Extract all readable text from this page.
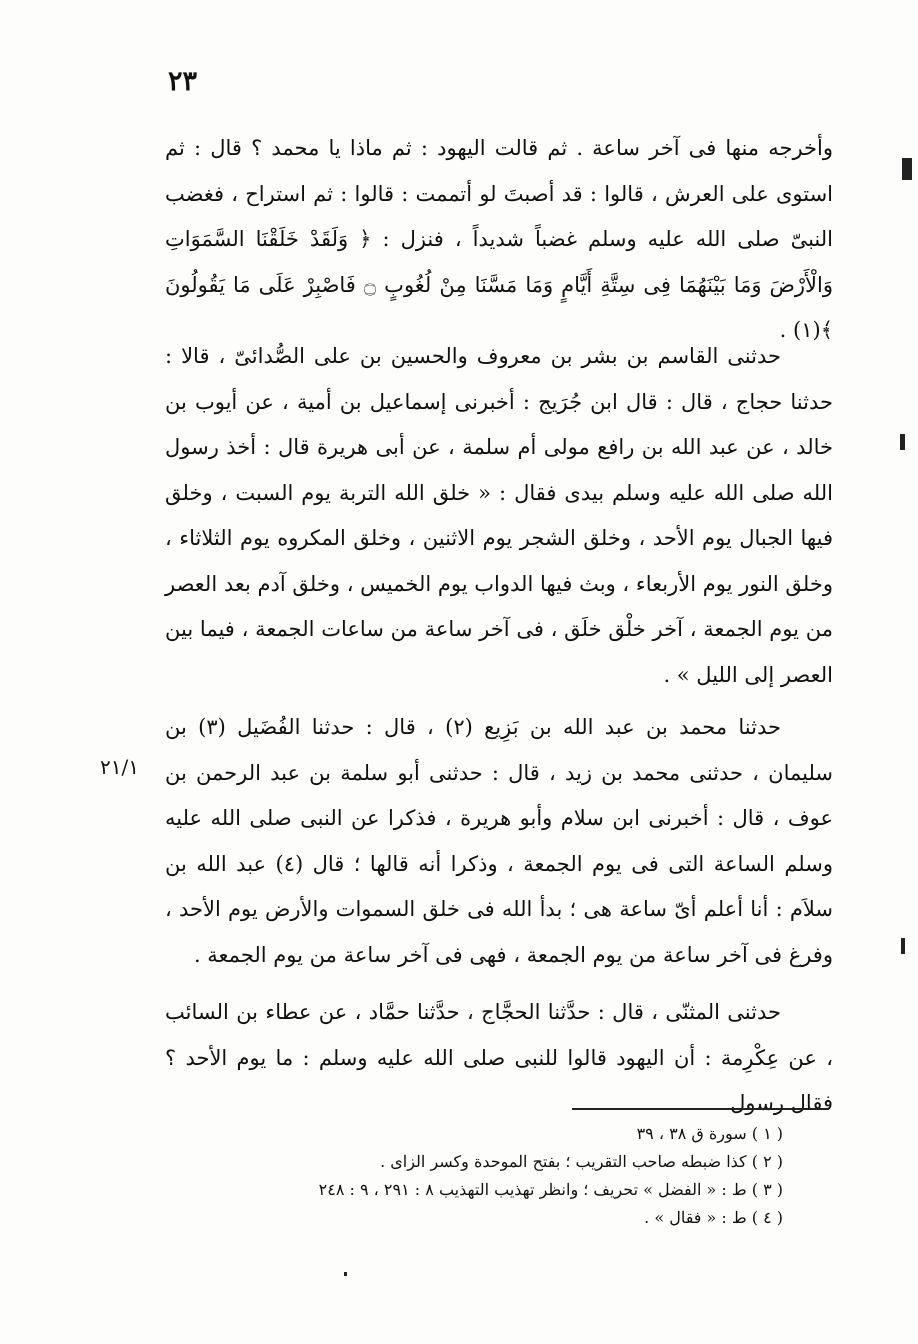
٢٣
وأخرجه منها فى آخر ساعة . ثم قالت اليهود : ثم ماذا يا محمد ؟ قال : ثم استوى على العرش ، قالوا : قد أصبتَ لو أتممت : قالوا : ثم استراح ، فغضب النبىّ صلى الله عليه وسلم غضباً شديداً ، فنزل : ﴿ وَلَقَدْ خَلَقْنَا السَّمَوَاتِ وَالْأَرْضَ وَمَا بَيْنَهُمَا فِى سِتَّةِ أَيَّامٍ وَمَا مَسَّنَا مِنْ لُغُوبٍ ۝ فَاصْبِرْ عَلَى مَا يَقُولُونَ ﴾(١) .
حدثنى القاسم بن بشر بن معروف والحسين بن على الصُّدائىّ ، قالا : حدثنا حجاج ، قال : قال ابن جُرَيج : أخبرنى إسماعيل بن أمية ، عن أيوب بن خالد ، عن عبد الله بن رافع مولى أم سلمة ، عن أبى هريرة قال : أخذ رسول الله صلى الله عليه وسلم بيدى فقال : « خلق الله التربة يوم السبت ، وخلق فيها الجبال يوم الأحد ، وخلق الشجر يوم الاثنين ، وخلق المكروه يوم الثلاثاء ، وخلق النور يوم الأربعاء ، وبث فيها الدواب يوم الخميس ، وخلق آدم بعد العصر من يوم الجمعة ، آخر خلْق خلَق ، فى آخر ساعة من ساعات الجمعة ، فيما بين العصر إلى الليل » .
حدثنا محمد بن عبد الله بن بَزِيع (٢) ، قال : حدثنا الفُضَيل (٣) بن سليمان ، حدثنى محمد بن زيد ، قال : حدثنى أبو سلمة بن عبد الرحمن بن عوف ، قال : أخبرنى ابن سلام وأبو هريرة ، فذكرا عن النبى صلى الله عليه وسلم الساعة التى فى يوم الجمعة ، وذكرا أنه قالها ؛ قال (٤) عبد الله بن سلاَم : أنا أعلم أىّ ساعة هى ؛ بدأ الله فى خلق السموات والأرض يوم الأحد ، وفرغ فى آخر ساعة من يوم الجمعة ، فهى فى آخر ساعة من يوم الجمعة .
حدثنى المثنّى ، قال : حدَّثنا الحجَّاج ، حدَّثنا حمَّاد ، عن عطاء بن السائب ، عن عِكْرِمة : أن اليهود قالوا للنبى صلى الله عليه وسلم : ما يوم الأحد ؟ فقال رسول
٢١/١
( ١ ) سورة ق ٣٨ ، ٣٩
( ٢ ) كذا ضبطه صاحب التقريب ؛ بفتح الموحدة وكسر الزاى .
( ٣ ) ط : « الفضل » تحريف ؛ وانظر تهذيب التهذيب ٨ : ٢٩١ ، ٩ : ٢٤٨
( ٤ ) ط : « فقال » .
